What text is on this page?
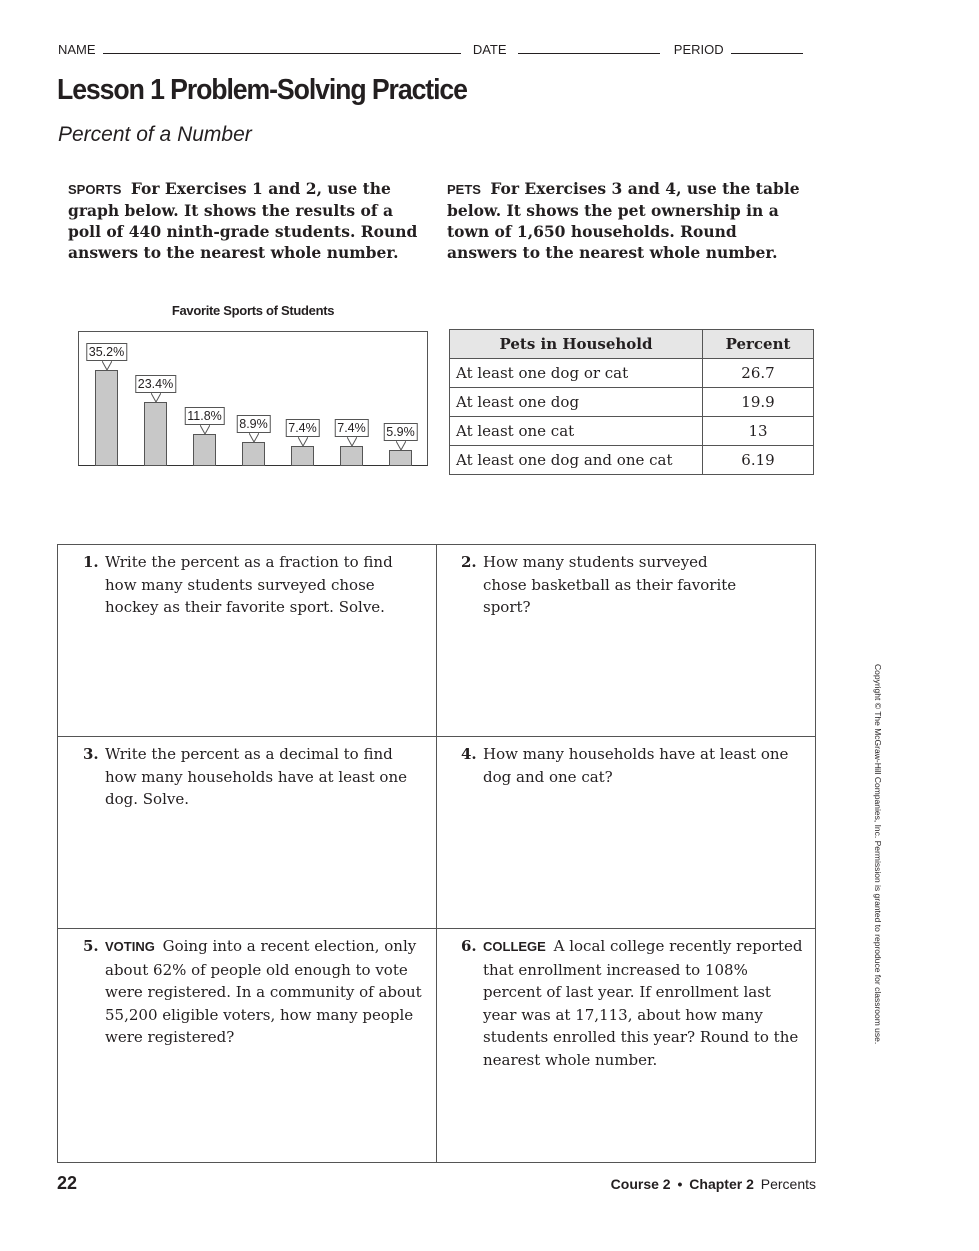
NAME	DATE	PERIOD
Lesson 1 Problem-Solving Practice
Percent of a Number
SPORTS For Exercises 1 and 2, use the graph below. It shows the results of a poll of 440 ninth-grade students. Round answers to the nearest whole number.
PETS For Exercises 3 and 4, use the table below. It shows the pet ownership in a town of 1,650 households. Round answers to the nearest whole number.
Favorite Sports of Students
35.2%
23.4%
11.8%
8.9% 7.4% 7.4% 5.9%
Pets in Household	Percent
At least one dog or cat	26.7
At least one dog	19.9
At least one cat	13
At least one dog and one cat	6.19
1. Write the percent as a fraction to find how many students surveyed chose hockey as their favorite sport. Solve.
2. How many students surveyed chose basketball as their favorite sport?
3. Write the percent as a decimal to find how many households have at least one dog. Solve.
4. How many households have at least one dog and one cat?
5. VOTING Going into a recent election, only about 62% of people old enough to vote were registered. In a community of about 55,200 eligible voters, how many people were registered?
6. COLLEGE A local college recently reported that enrollment increased to 108% percent of last year. If enrollment last year was at 17,113, about how many students enrolled this year? Round to the nearest whole number.
Copyright © The McGraw-Hill Companies, Inc. Permission is granted to reproduce for classroom use.
22	Course 2 • Chapter 2 Percents
